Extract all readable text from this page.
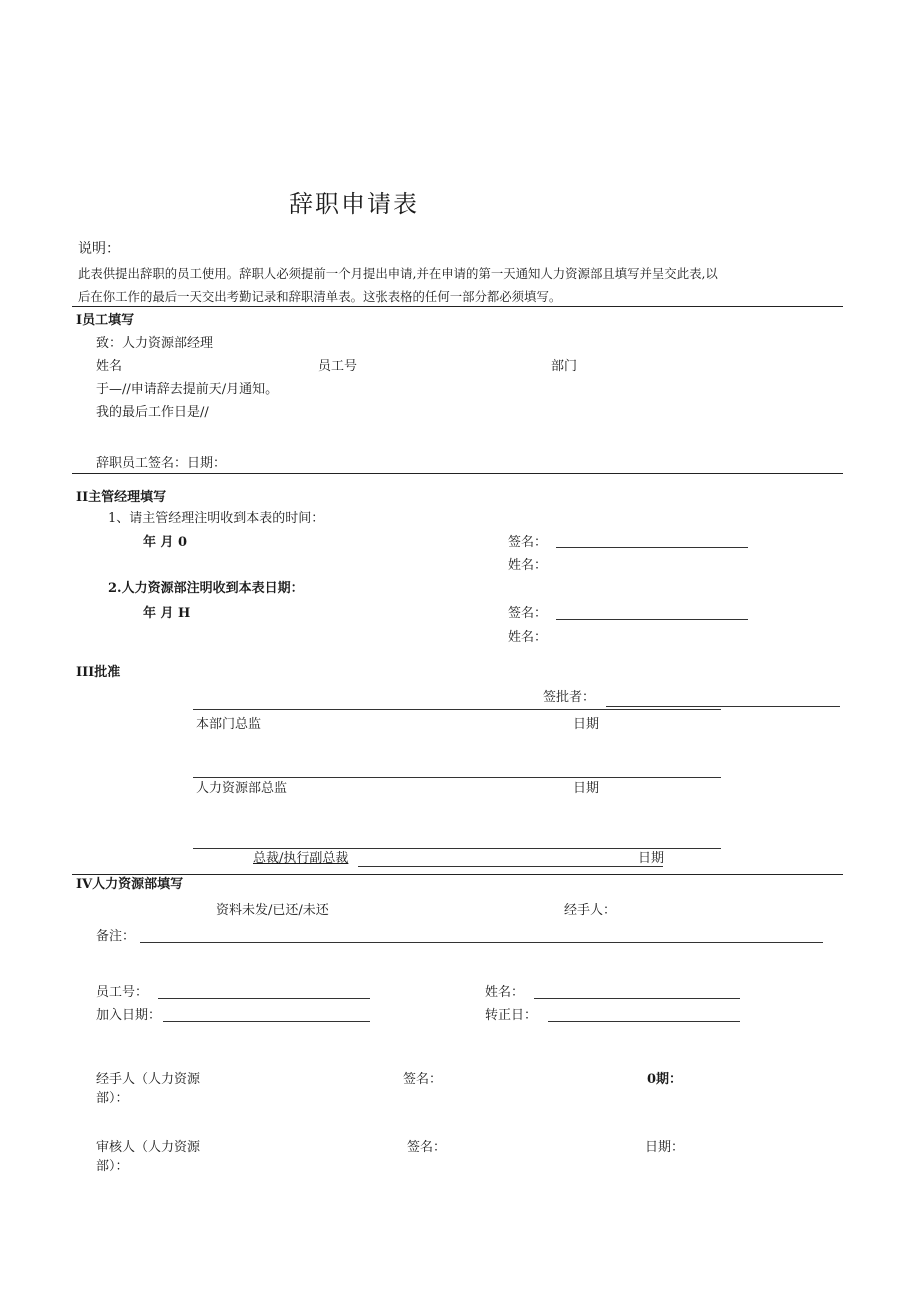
辞职申请表
说明：
此表供提出辞职的员工使用。辞职人必须提前一个月提出申请,并在申请的第一天通知人力资源部且填写并呈交此表,以
后在你工作的最后一天交出考勤记录和辞职清单表。这张表格的任何一部分都必须填写。
I员工填写
致：人力资源部经理
姓名	员工号	部门
于—//申请辞去提前天/月通知。
我的最后工作日是//
辞职员工签名：日期：
II主管经理填写
1、请主管经理注明收到本表的时间：
年 月 0	签名：
姓名：
2.人力资源部注明收到本表日期：
年 月 H	签名：
姓名：
III批准
签批者：
本部门总监	日期
人力资源部总监	日期
总裁/执行副总裁	日期
IV人力资源部填写
资料未发/已还/未还	经手人：
备注：
员工号：	姓名：
加入日期：	转正日：
经手人（人力资源
部）：
签名：	0期：
审核人（人力资源
部）：
签名：	日期：
